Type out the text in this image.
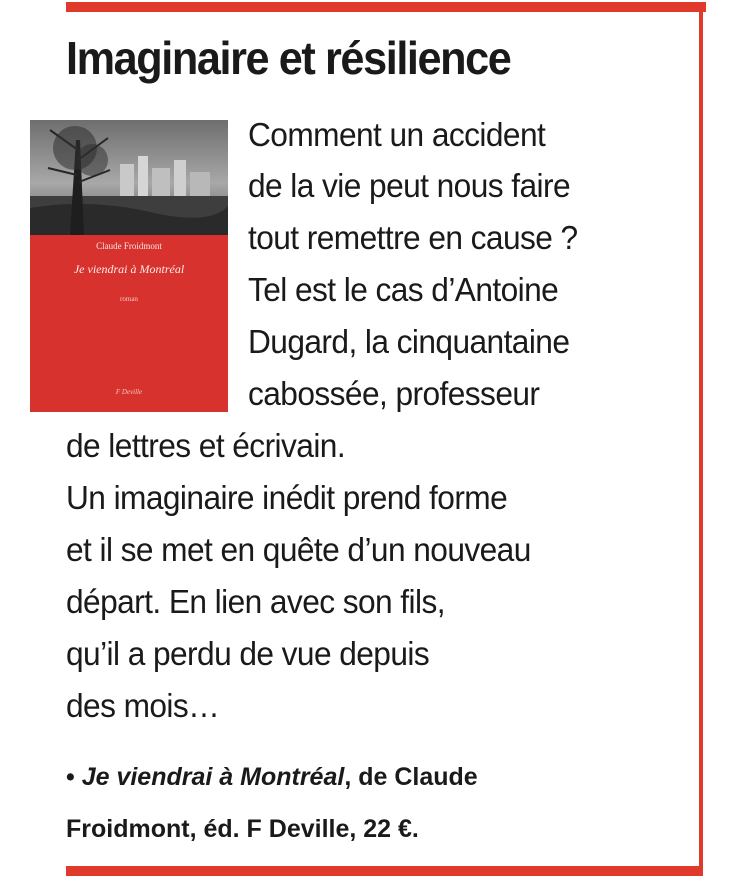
Imaginaire et résilience
Claude Froidmont
Je viendrai à Montréal
roman
F Deville

Comment un accident

de la vie peut nous faire

tout remettre en cause ?

Tel est le cas d’Antoine

Dugard, la cinquantaine

cabossée, professeur

de lettres et écrivain.

Un imaginaire inédit prend forme

et il se met en quête d’un nouveau

départ. En lien avec son fils,

qu’il a perdu de vue depuis

des mois…

• Je viendrai à Montréal, de Claude

Froidmont, éd. F Deville, 22 €.
